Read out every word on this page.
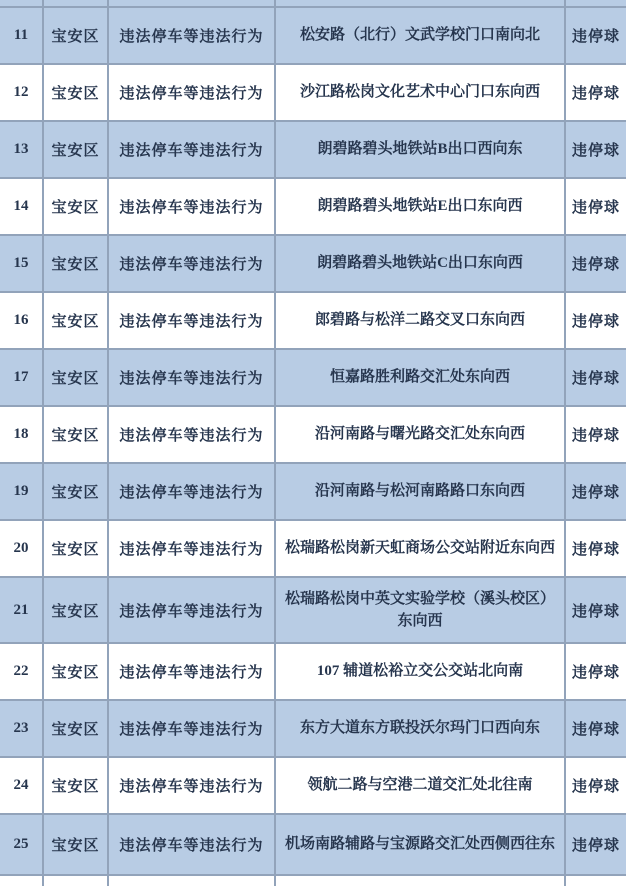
11	宝安区	违法停车等违法行为	松安路（北行）文武学校门口南向北	违停球
12	宝安区	违法停车等违法行为	沙江路松岗文化艺术中心门口东向西	违停球
13	宝安区	违法停车等违法行为	朗碧路碧头地铁站B出口西向东	违停球
14	宝安区	违法停车等违法行为	朗碧路碧头地铁站E出口东向西	违停球
15	宝安区	违法停车等违法行为	朗碧路碧头地铁站C出口东向西	违停球
16	宝安区	违法停车等违法行为	郎碧路与松洋二路交叉口东向西	违停球
17	宝安区	违法停车等违法行为	恒嘉路胜利路交汇处东向西	违停球
18	宝安区	违法停车等违法行为	沿河南路与曙光路交汇处东向西	违停球
19	宝安区	违法停车等违法行为	沿河南路与松河南路路口东向西	违停球
20	宝安区	违法停车等违法行为	松瑞路松岗新天虹商场公交站附近东向西	违停球
21	宝安区	违法停车等违法行为	松瑞路松岗中英文实验学校（溪头校区）东向西	违停球
22	宝安区	违法停车等违法行为	107 辅道松裕立交公交站北向南	违停球
23	宝安区	违法停车等违法行为	东方大道东方联投沃尔玛门口西向东	违停球
24	宝安区	违法停车等违法行为	领航二路与空港二道交汇处北往南	违停球
25	宝安区	违法停车等违法行为	机场南路辅路与宝源路交汇处西侧西往东	违停球
